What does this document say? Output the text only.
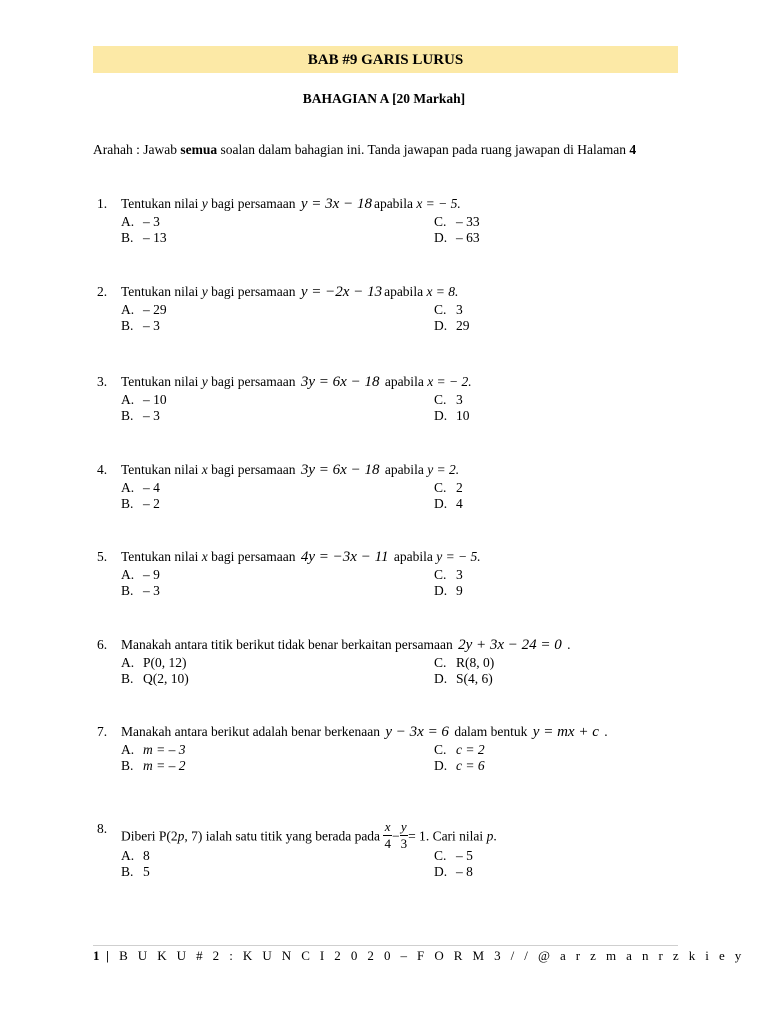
BAB #9 GARIS LURUS
BAHAGIAN A [20 Markah]
Arahah : Jawab semua soalan dalam bahagian ini. Tanda jawapan pada ruang jawapan di Halaman 4
1. Tentukan nilai y bagi persamaan y = 3x − 18 apabila x = − 5.
A. – 3
B. – 13
C. – 33
D. – 63
2. Tentukan nilai y bagi persamaan y = −2x − 13 apabila x = 8.
A. – 29
B. – 3
C. 3
D. 29
3. Tentukan nilai y bagi persamaan 3y = 6x − 18 apabila x = − 2.
A. – 10
B. – 3
C. 3
D. 10
4. Tentukan nilai x bagi persamaan 3y = 6x − 18 apabila y = 2.
A. – 4
B. – 2
C. 2
D. 4
5. Tentukan nilai x bagi persamaan 4y = −3x − 11 apabila y = − 5.
A. – 9
B. – 3
C. 3
D. 9
6. Manakah antara titik berikut tidak benar berkaitan persamaan 2y + 3x − 24 = 0 .
A. P(0, 12)
B. Q(2, 10)
C. R(8, 0)
D. S(4, 6)
7. Manakah antara berikut adalah benar berkenaan y − 3x = 6 dalam bentuk y = mx + c .
A. m = – 3
B. m = – 2
C. c = 2
D. c = 6
8.
Diberi P(2p, 7) ialah satu titik yang berada pada $\frac{x}{4} - \frac{y}{3} = 1$. Cari nilai p.
A. 8
B. 5
C. – 5
D. – 8
1 | B U K U # 2 : K U N C I 2 0 2 0 – F O R M 3 / / @ a r z m a n r z k i e y
